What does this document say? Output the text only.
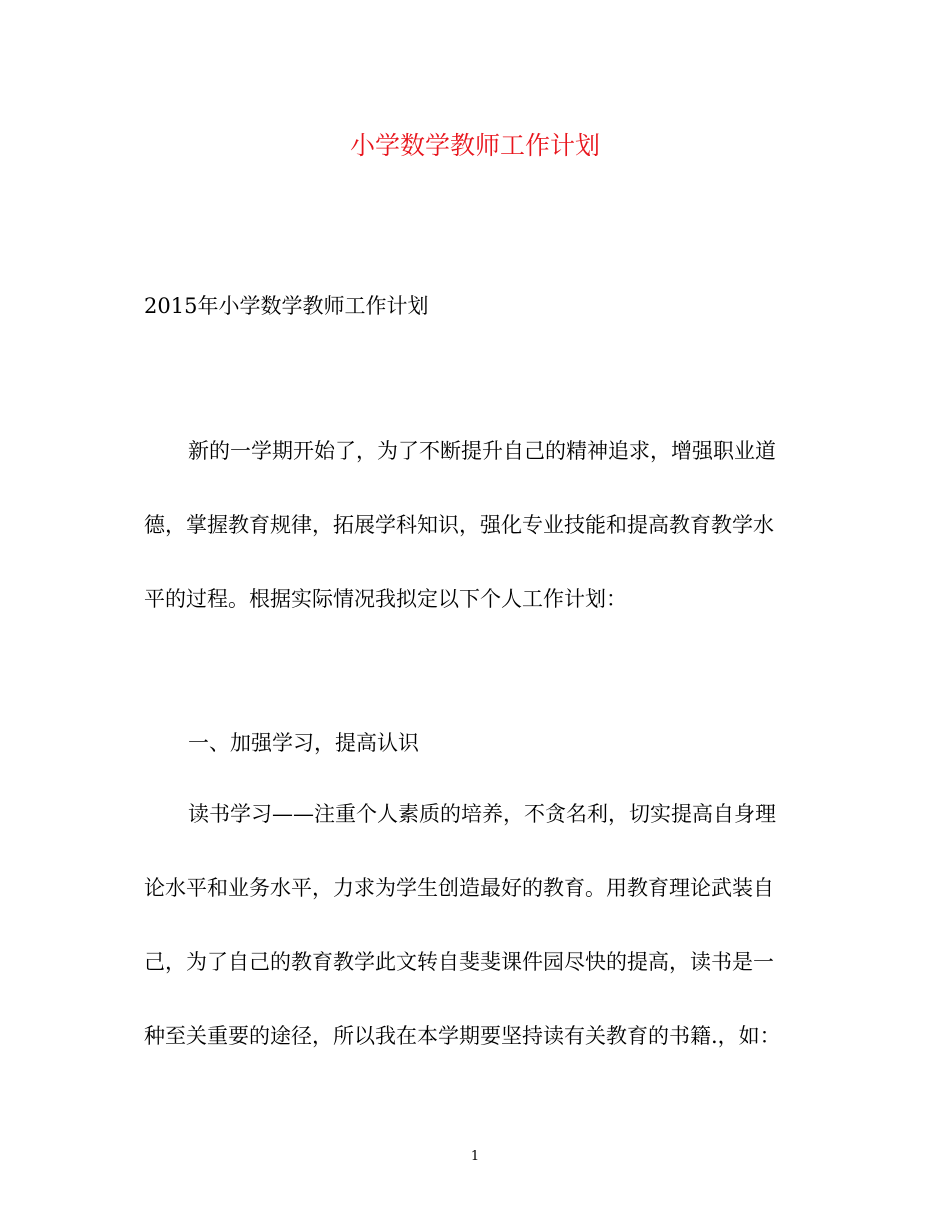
小学数学教师工作计划
2015年小学数学教师工作计划
新的一学期开始了，为了不断提升自己的精神追求，增强职业道
德，掌握教育规律，拓展学科知识，强化专业技能和提高教育教学水
平的过程。根据实际情况我拟定以下个人工作计划：
一、加强学习，提高认识
读书学习——注重个人素质的培养，不贪名利，切实提高自身理
论水平和业务水平，力求为学生创造最好的教育。用教育理论武装自
己，为了自己的教育教学此文转自斐斐课件园尽快的提高，读书是一
种至关重要的途径，所以我在本学期要坚持读有关教育的书籍.，如：
1
